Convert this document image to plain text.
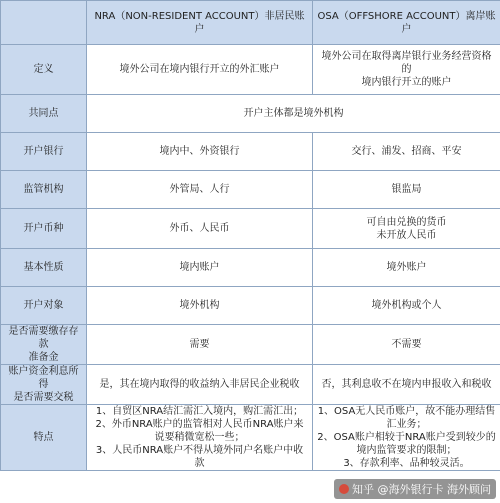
	NRA（NON-RESIDENT ACCOUNT）非居民账户	OSA（OFFSHORE ACCOUNT）离岸账户
定义	境外公司在境内银行开立的外汇账户	境外公司在取得离岸银行业务经营资格的
境内银行开立的账户
共同点	开户主体都是境外机构	
开户银行	境内中、外资银行	交行、浦发、招商、平安
监管机构	外管局、人行	银监局
开户币种	外币、人民币	可自由兑换的货币
未开放人民币
基本性质	境内账户	境外账户
开户对象	境外机构	境外机构或个人
是否需要缴存存款
准备金	需要	不需要
账户资金利息所得
是否需要交税	是，其在境内取得的收益纳入非居民企业税收	否，其利息收不在境内申报收入和税收
特点	1、自贸区NRA结汇需汇入境内，购汇需汇出；
2、外币NRA账户的监管相对人民币NRA账户来说要稍微宽松一些；
3、人民币NRA账户不得从境外同户名账户中收款	1、OSA无人民币账户，故不能办理结售汇业务；
2、OSA账户相较于NRA账户受到较少的境内监管要求的限制；
3、存款利率、品种较灵活。
知乎 @海外银行卡 海外顾问
